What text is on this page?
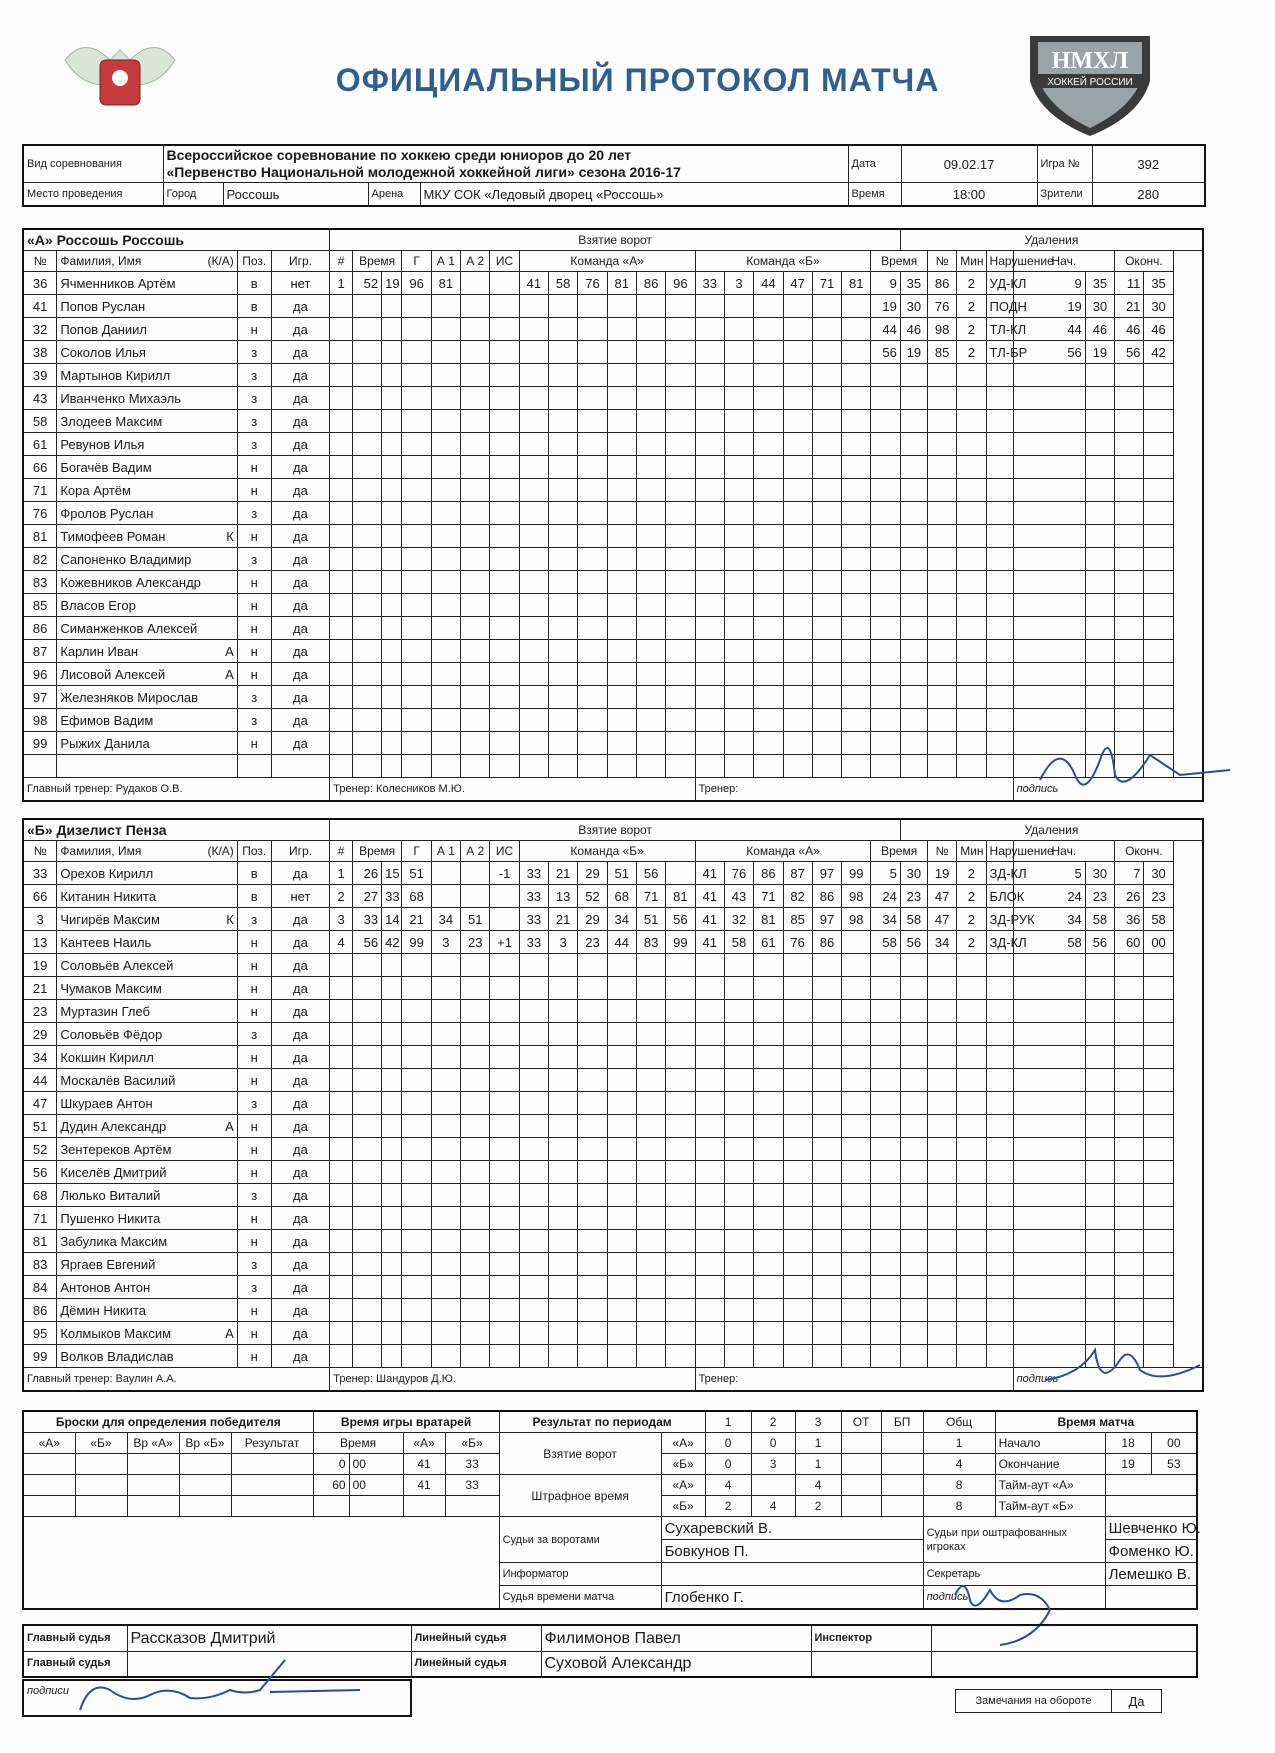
ОФИЦИАЛЬНЫЙ ПРОТОКОЛ МАТЧА
НМХЛ
ХОККЕЙ РОССИИ
Вид соревнования	Всероссийское соревнование по хоккею среди юниоров до 20 лет
«Первенство Национальной молодежной хоккейной лиги» сезона 2016-17				Дата	09.02.17	Игра №	392
Место проведения	Город	Россошь	Арена	МКУ СОК «Ледовый дворец «Россошь»	Время	18:00	Зрители	280
«А» Россошь Россошь				Взятие ворот																				Удаления							
№	Фамилия, Имя (К/А)	Поз.	Игр.	#	Время		Г	А 1	А 2	ИС	Команда «А»						Команда «Б»						Время		№	Мин	Нарушение	Нач.		Оконч.	
36	Ячменников Артём	в	нет	1	52	19	96	81			41	58	76	81	86	96	33	3	44	47	71	81	9	35	86	2	УД-КЛ	9	35	11	35
41	Попов Руслан	в	да																				19	30	76	2	ПОДН	19	30	21	30
32	Попов Даниил	н	да																				44	46	98	2	ТЛ-КЛ	44	46	46	46
38	Соколов Илья	з	да																				56	19	85	2	ТЛ-БР	56	19	56	42
39	Мартынов Кирилл	з	да																												
43	Иванченко Михаэль	з	да																												
58	Злодеев Максим	з	да																												
61	Ревунов Илья	з	да																												
66	Богачёв Вадим	н	да																												
71	Кора Артём	н	да																												
76	Фролов Руслан	з	да																												
81	Тимофеев Роман К	н	да																												
82	Сапоненко Владимир	з	да																												
83	Кожевников Александр	н	да																												
85	Власов Егор	н	да																												
86	Симанженков Алексей	н	да																												
87	Карлин Иван А	н	да																												
96	Лисовой Алексей А	н	да																												
97	Железняков Мирослав	з	да																												
98	Ефимов Вадим	з	да																												
99	Рыжих Данила	н	да																												

Главный тренер: Рудаков О.В.				Тренер: Колесников М.Ю.													Тренер:											подпись			
«Б» Дизелист Пенза				Взятие ворот																				Удаления							
№	Фамилия, Имя (К/А)	Поз.	Игр.	#	Время		Г	А 1	А 2	ИС	Команда «Б»						Команда «А»						Время		№	Мин	Нарушение	Нач.		Оконч.	
33	Орехов Кирилл	в	да	1	26	15	51			-1	33	21	29	51	56		41	76	86	87	97	99	5	30	19	2	ЗД-КЛ	5	30	7	30
66	Китанин Никита	в	нет	2	27	33	68				33	13	52	68	71	81	41	43	71	82	86	98	24	23	47	2	БЛОК	24	23	26	23
3	Чигирёв Максим К	з	да	3	33	14	21	34	51		33	21	29	34	51	56	41	32	81	85	97	98	34	58	47	2	ЗД-РУК	34	58	36	58
13	Кантеев Наиль	н	да	4	56	42	99	3	23	+1	33	3	23	44	83	99	41	58	61	76	86		58	56	34	2	ЗД-КЛ	58	56	60	00
19	Соловьёв Алексей	н	да																												
21	Чумаков Максим	н	да																												
23	Муртазин Глеб	н	да																												
29	Соловьёв Фёдор	з	да																												
34	Кокшин Кирилл	н	да																												
44	Москалёв Василий	н	да																												
47	Шкураев Антон	з	да																												
51	Дудин Александр А	н	да																												
52	Зентереков Артём	н	да																												
56	Киселёв Дмитрий	н	да																												
68	Люлько Виталий	з	да																												
71	Пушенко Никита	н	да																												
81	Забулика Максим	н	да																												
83	Яргаев Евгений	з	да																												
84	Антонов Антон	з	да																												
86	Дёмин Никита	н	да																												
95	Колмыков Максим А	н	да																												
99	Волков Владислав	н	да																												
Главный тренер: Ваулин А.А.				Тренер: Шандуров Д.Ю.													Тренер:											подпись			
Броски для определения победителя					Время игры вратарей				Результат по периодам		1	2	3	ОТ	БП	Общ	Время матча		
«А»	«Б»	Вр «А»	Вр «Б»	Результат	Время		«А»	«Б»	Взятие ворот	«А»	0	0	1			1	Начало	18	00
					0	00	41	33		«Б»	0	3	1			4	Окончание	19	53
					60	00	41	33	Штрафное время	«А»	4		4			8	Тайм-аут «А»		
										«Б»	2	4	2			8	Тайм-аут «Б»		

									Судьи за воротами	Сухаревский В.						Судьи при оштрафованных игроках		Шевченко Ю.	
										Бовкунов П.								Фоменко Ю.	
									Информатор							Секретарь		Лемешко В.	
									Судья времени матча	Глобенко Г.						подпись			
Главный судья	Рассказов Дмитрий	Линейный судья	Филимонов Павел	Инспектор	
Главный судья		Линейный судья	Суховой Александр		
подписи
Замечания на обороте	Да
